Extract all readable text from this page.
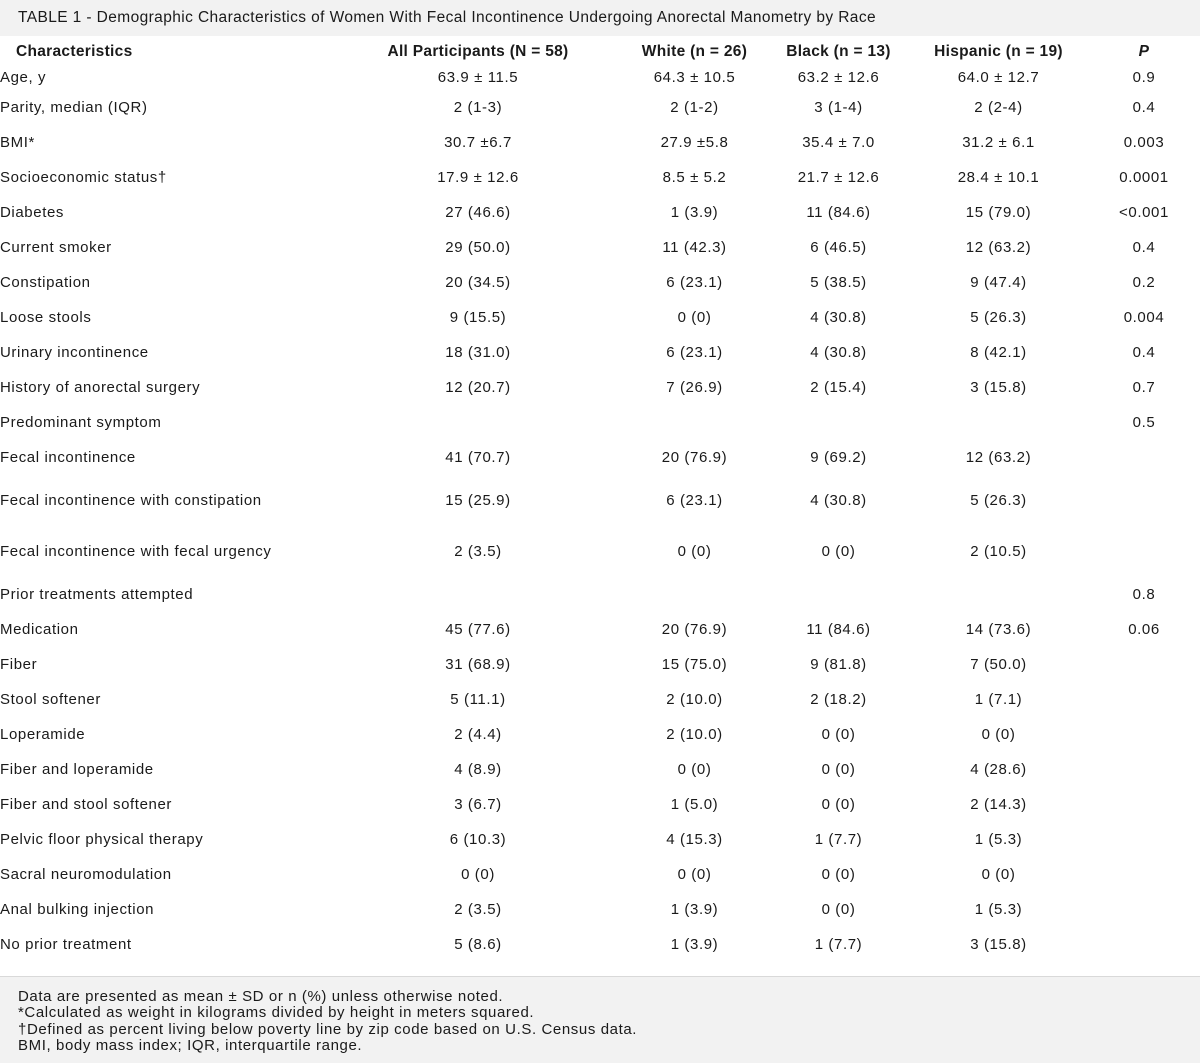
TABLE 1 - Demographic Characteristics of Women With Fecal Incontinence Undergoing Anorectal Manometry by Race
Characteristics	All Participants (N = 58)	White (n = 26)	Black (n = 13)	Hispanic (n = 19)	P
Age, y	63.9 ± 11.5	64.3 ± 10.5	63.2 ± 12.6	64.0 ± 12.7	0.9
Parity, median (IQR)	2 (1-3)	2 (1-2)	3 (1-4)	2 (2-4)	0.4
BMI*	30.7 ±6.7	27.9 ±5.8	35.4 ± 7.0	31.2 ± 6.1	0.003
Socioeconomic status†	17.9 ± 12.6	8.5 ± 5.2	21.7 ± 12.6	28.4 ± 10.1	0.0001
Diabetes	27 (46.6)	1 (3.9)	11 (84.6)	15 (79.0)	<0.001
Current smoker	29 (50.0)	11 (42.3)	6 (46.5)	12 (63.2)	0.4
Constipation	20 (34.5)	6 (23.1)	5 (38.5)	9 (47.4)	0.2
Loose stools	9 (15.5)	0 (0)	4 (30.8)	5 (26.3)	0.004
Urinary incontinence	18 (31.0)	6 (23.1)	4 (30.8)	8 (42.1)	0.4
History of anorectal surgery	12 (20.7)	7 (26.9)	2 (15.4)	3 (15.8)	0.7
Predominant symptom					0.5
Fecal incontinence	41 (70.7)	20 (76.9)	9 (69.2)	12 (63.2)	
Fecal incontinence with constipation	15 (25.9)	6 (23.1)	4 (30.8)	5 (26.3)	
Fecal incontinence with fecal urgency	2 (3.5)	0 (0)	0 (0)	2 (10.5)	
Prior treatments attempted					0.8
Medication	45 (77.6)	20 (76.9)	11 (84.6)	14 (73.6)	0.06
Fiber	31 (68.9)	15 (75.0)	9 (81.8)	7 (50.0)	
Stool softener	5 (11.1)	2 (10.0)	2 (18.2)	1 (7.1)	
Loperamide	2 (4.4)	2 (10.0)	0 (0)	0 (0)	
Fiber and loperamide	4 (8.9)	0 (0)	0 (0)	4 (28.6)	
Fiber and stool softener	3 (6.7)	1 (5.0)	0 (0)	2 (14.3)	
Pelvic floor physical therapy	6 (10.3)	4 (15.3)	1 (7.7)	1 (5.3)	
Sacral neuromodulation	0 (0)	0 (0)	0 (0)	0 (0)	
Anal bulking injection	2 (3.5)	1 (3.9)	0 (0)	1 (5.3)	
No prior treatment	5 (8.6)	1 (3.9)	1 (7.7)	3 (15.8)	
Data are presented as mean ± SD or n (%) unless otherwise noted.
*Calculated as weight in kilograms divided by height in meters squared.
†Defined as percent living below poverty line by zip code based on U.S. Census data.
BMI, body mass index; IQR, interquartile range.
